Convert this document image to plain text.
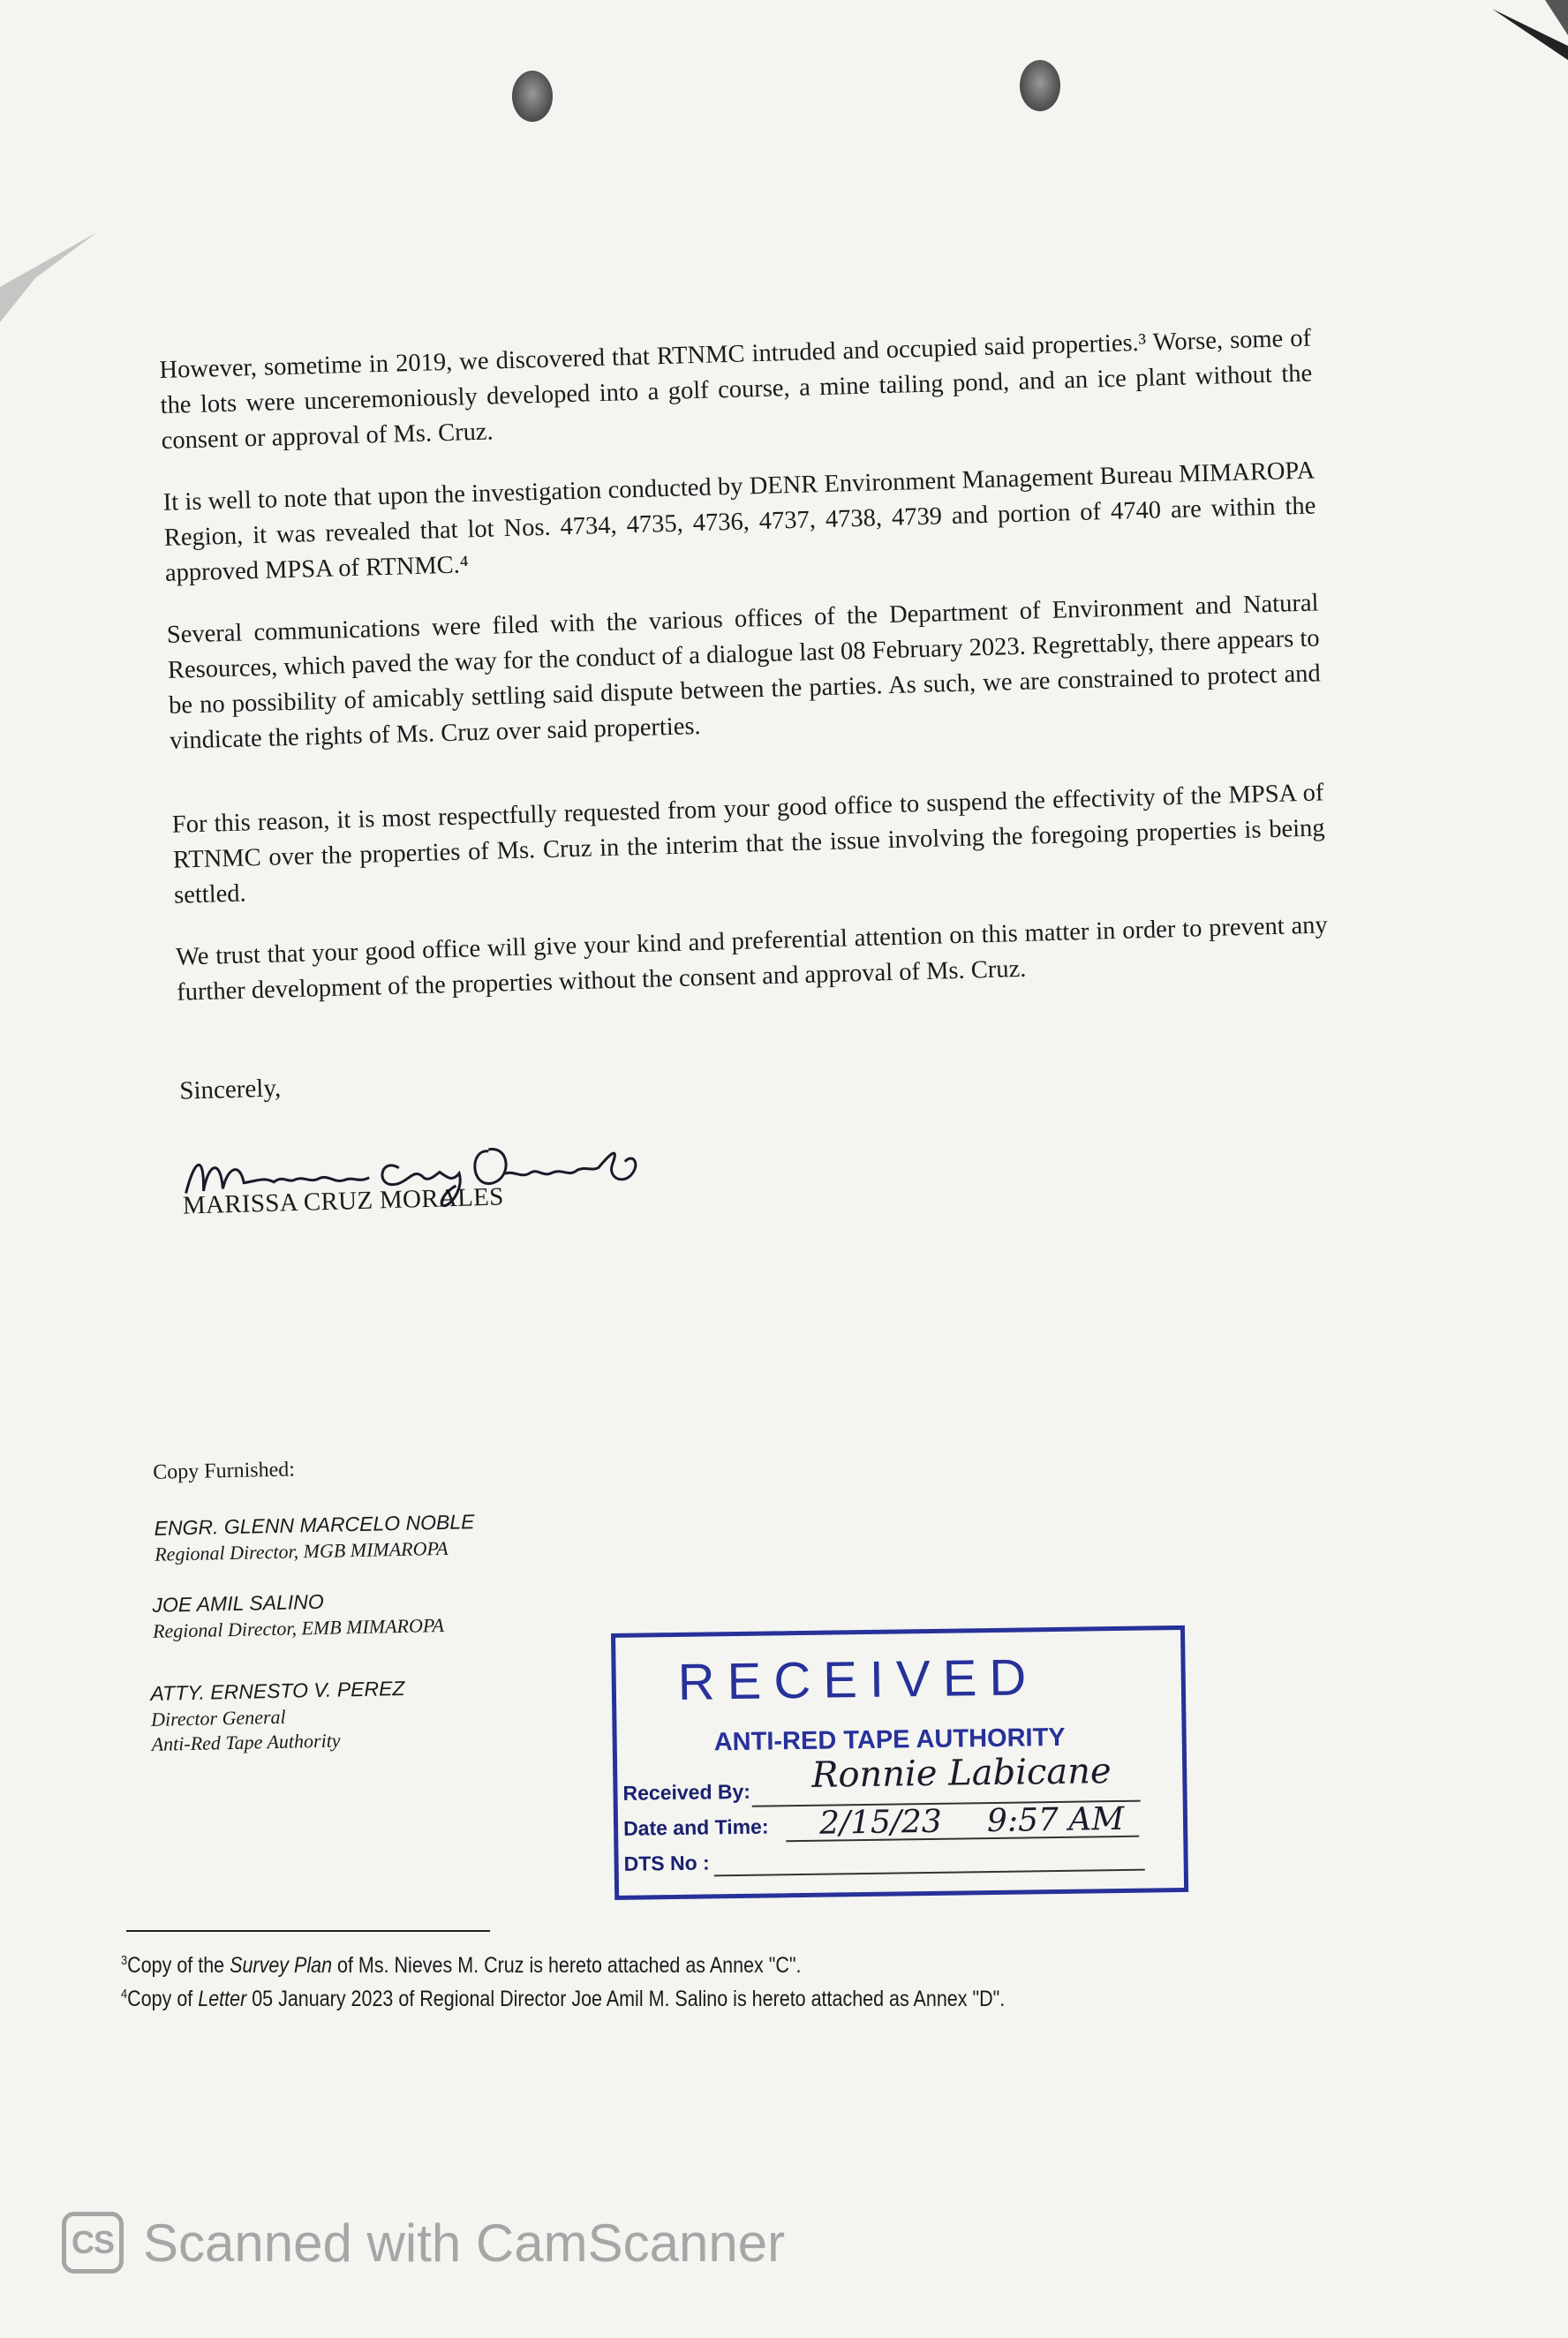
However, sometime in 2019, we discovered that RTNMC intruded and occupied said properties.³ Worse, some of the lots were unceremoniously developed into a golf course, a mine tailing pond, and an ice plant without the consent or approval of Ms. Cruz.

It is well to note that upon the investigation conducted by DENR Environment Management Bureau MIMAROPA Region, it was revealed that lot Nos. 4734, 4735, 4736, 4737, 4738, 4739 and portion of 4740 are within the approved MPSA of RTNMC.⁴

Several communications were filed with the various offices of the Department of Environment and Natural Resources, which paved the way for the conduct of a dialogue last 08 February 2023. Regrettably, there appears to be no possibility of amicably settling said dispute between the parties. As such, we are constrained to protect and vindicate the rights of Ms. Cruz over said properties.

For this reason, it is most respectfully requested from your good office to suspend the effectivity of the MPSA of RTNMC over the properties of Ms. Cruz in the interim that the issue involving the foregoing properties is being settled.

We trust that your good office will give your kind and preferential attention on this matter in order to prevent any further development of the properties without the consent and approval of Ms. Cruz.

Sincerely,

MARISSA CRUZ MORALES

Copy Furnished:
ENGR. GLENN MARCELO NOBLE
Regional Director, MGB MIMAROPA
JOE AMIL SALINO
Regional Director, EMB MIMAROPA
ATTY. ERNESTO V. PEREZ
Director General
Anti-Red Tape Authority
RECEIVED
ANTI-RED TAPE AUTHORITY
Received By: Ronnie Labicane
Date and Time: 2/15/23 9:57 AM
DTS No :
$^3$Copy of the Survey Plan of Ms. Nieves M. Cruz is hereto attached as Annex "C".
$^4$Copy of Letter 05 January 2023 of Regional Director Joe Amil M. Salino is hereto attached as Annex "D".
CS Scanned with CamScanner
